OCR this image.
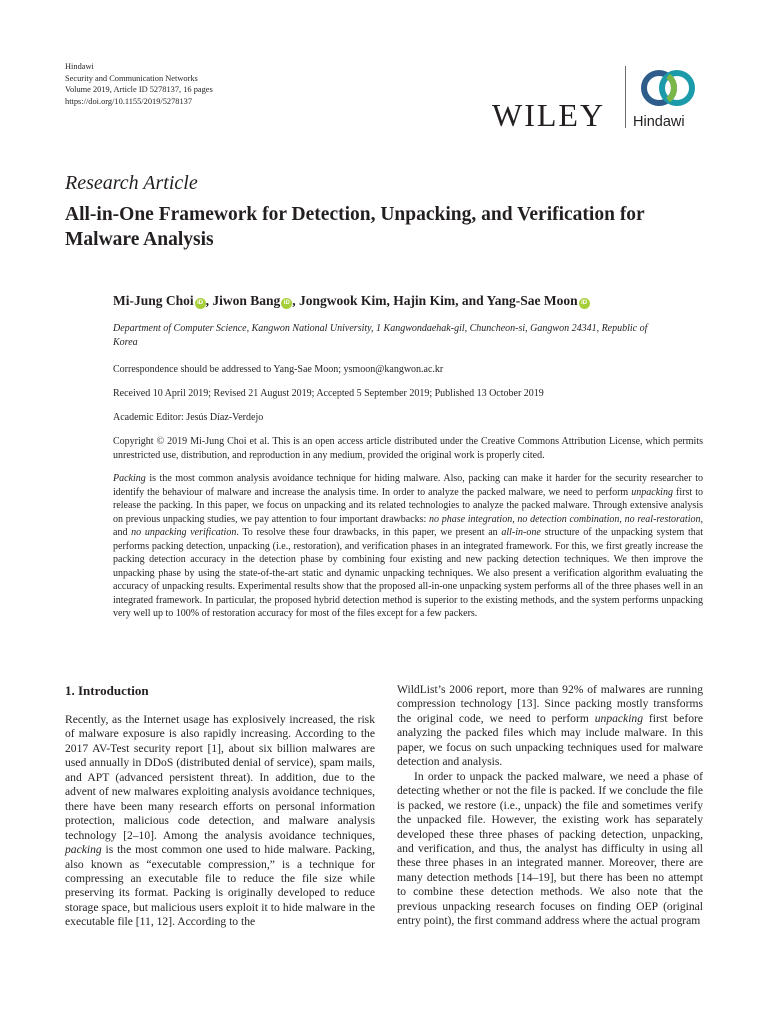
Hindawi
Security and Communication Networks
Volume 2019, Article ID 5278137, 16 pages
https://doi.org/10.1155/2019/5278137	WILEY Hindawi
Research Article
All-in-One Framework for Detection, Unpacking, and Verification for Malware Analysis
Mi-Jung Choi iD , Jiwon Bang iD , Jongwook Kim, Hajin Kim, and Yang-Sae Moon iD
Department of Computer Science, Kangwon National University, 1 Kangwondaehak-gil, Chuncheon-si, Gangwon 24341, Republic of Korea
Correspondence should be addressed to Yang-Sae Moon; ysmoon@kangwon.ac.kr
Received 10 April 2019; Revised 21 August 2019; Accepted 5 September 2019; Published 13 October 2019
Academic Editor: Jesús Díaz-Verdejo
Copyright © 2019 Mi-Jung Choi et al. This is an open access article distributed under the Creative Commons Attribution License, which permits unrestricted use, distribution, and reproduction in any medium, provided the original work is properly cited.

Packing is the most common analysis avoidance technique for hiding malware. Also, packing can make it harder for the security researcher to identify the behaviour of malware and increase the analysis time. In order to analyze the packed malware, we need to perform unpacking first to release the packing. In this paper, we focus on unpacking and its related technologies to analyze the packed malware. Through extensive analysis on previous unpacking studies, we pay attention to four important drawbacks: no phase integration, no detection combination, no real-restoration, and no unpacking verification. To resolve these four drawbacks, in this paper, we present an all-in-one structure of the unpacking system that performs packing detection, unpacking (i.e., restoration), and verification phases in an integrated framework. For this, we first greatly increase the packing detection accuracy in the detection phase by combining four existing and new packing detection techniques. We then improve the unpacking phase by using the state-of-the-art static and dynamic unpacking techniques. We also present a verification algorithm evaluating the accuracy of unpacking results. Experimental results show that the proposed all-in-one unpacking system performs all of the three phases well in an integrated framework. In particular, the proposed hybrid detection method is superior to the existing methods, and the system performs unpacking very well up to 100% of restoration accuracy for most of the files except for a few packers.

1. Introduction

Recently, as the Internet usage has explosively increased, the risk of malware exposure is also rapidly increasing. According to the 2017 AV-Test security report [1], about six billion malwares are used annually in DDoS (distributed denial of service), spam mails, and APT (advanced persistent threat). In addition, due to the advent of new malwares exploiting analysis avoidance techniques, there have been many research efforts on personal information protection, malicious code detection, and malware analysis technology [2–10]. Among the analysis avoidance techniques, packing is the most common one used to hide malware. Packing, also known as “executable compression,” is a technique for compressing an executable file to reduce the file size while preserving its format. Packing is originally developed to reduce storage space, but malicious users exploit it to hide malware in the executable file [11, 12]. According to the

WildList’s 2006 report, more than 92% of malwares are running compression technology [13]. Since packing mostly transforms the original code, we need to perform unpacking first before analyzing the packed files which may include malware. In this paper, we focus on such unpacking techniques used for malware detection and analysis.

In order to unpack the packed malware, we need a phase of detecting whether or not the file is packed. If we conclude the file is packed, we restore (i.e., unpack) the file and sometimes verify the unpacked file. However, the existing work has separately developed these three phases of packing detection, unpacking, and verification, and thus, the analyst has difficulty in using all these three phases in an integrated manner. Moreover, there are many detection methods [14–19], but there has been no attempt to combine these detection methods. We also note that the previous unpacking research focuses on finding OEP (original entry point), the first command address where the actual program
